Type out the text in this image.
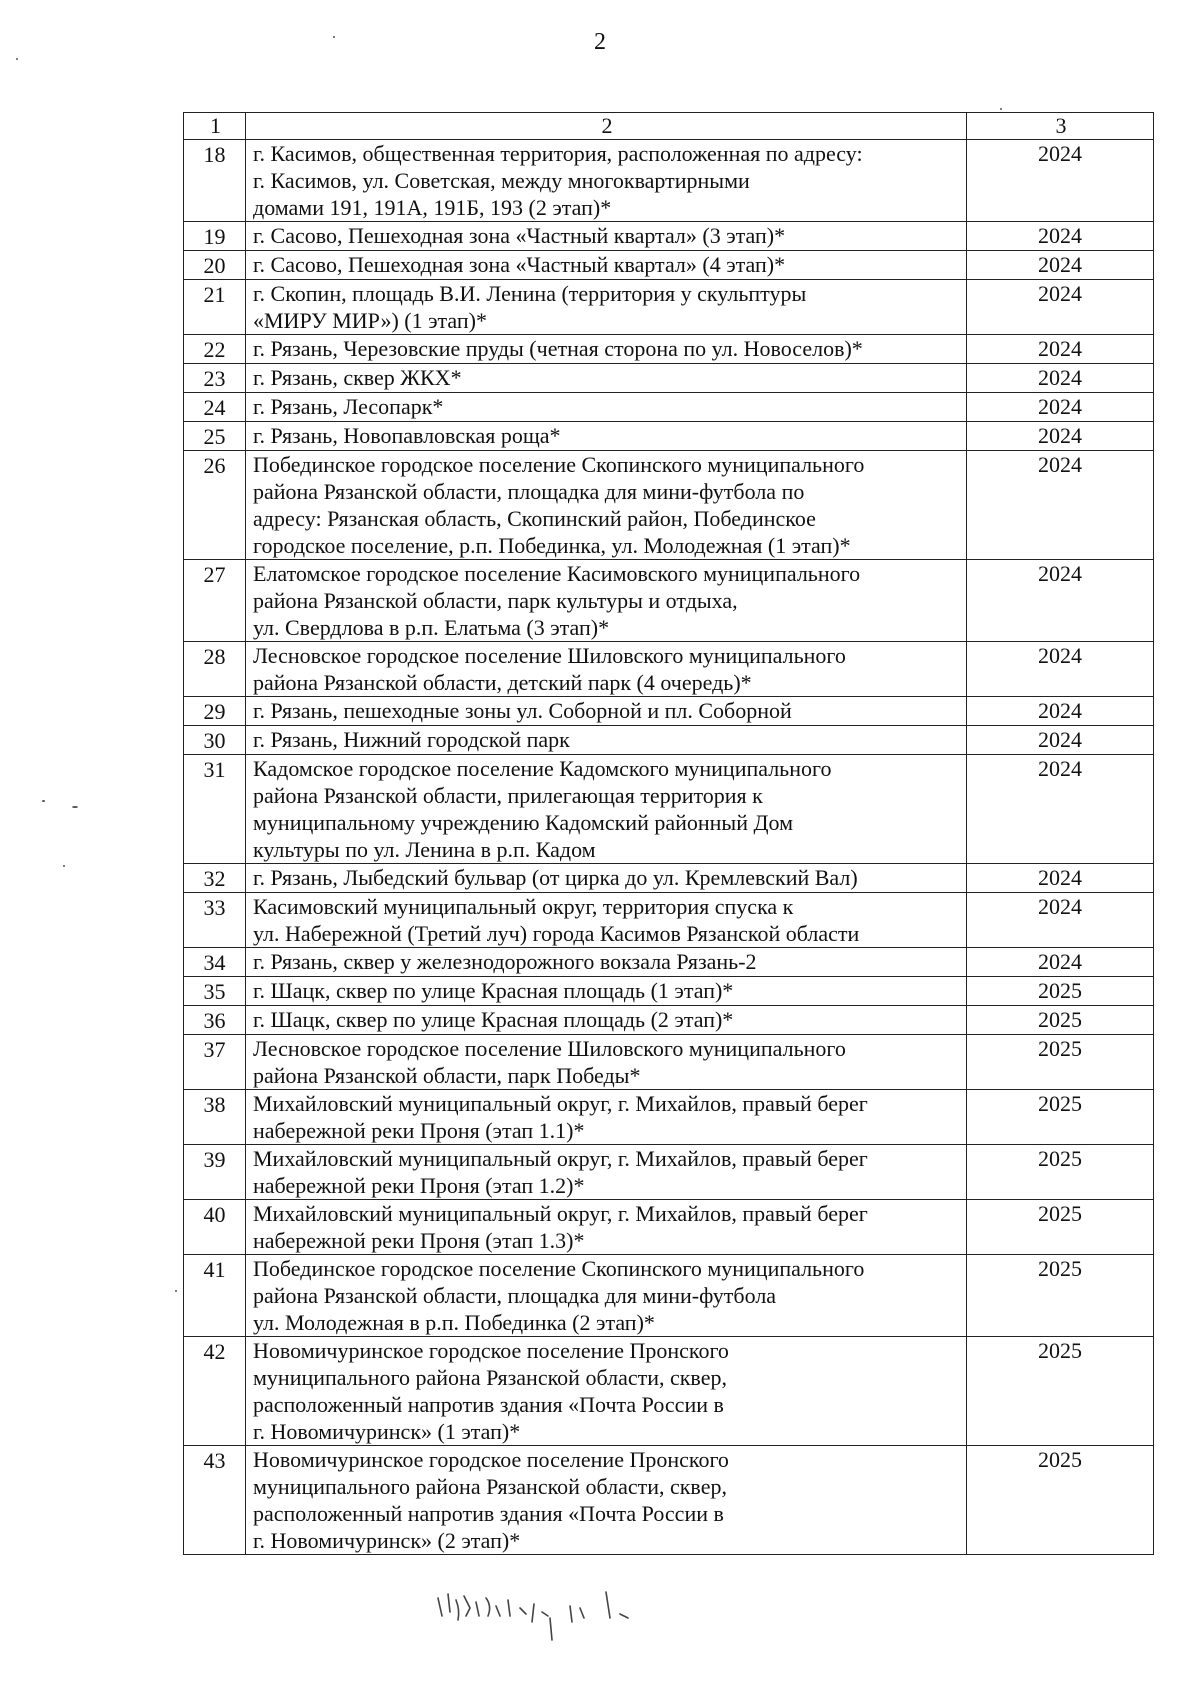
2
1	2	3
18	г. Касимов, общественная территория, расположенная по адресу:
г. Касимов, ул. Советская, между многоквартирными
домами 191, 191А, 191Б, 193 (2 этап)*	2024
19	г. Сасово, Пешеходная зона «Частный квартал» (3 этап)*	2024
20	г. Сасово, Пешеходная зона «Частный квартал» (4 этап)*	2024
21	г. Скопин, площадь В.И. Ленина (территория у скульптуры
«МИРУ МИР») (1 этап)*	2024
22	г. Рязань, Черезовские пруды (четная сторона по ул. Новоселов)*	2024
23	г. Рязань, сквер ЖКХ*	2024
24	г. Рязань, Лесопарк*	2024
25	г. Рязань, Новопавловская роща*	2024
26	Побединское городское поселение Скопинского муниципального
района Рязанской области, площадка для мини-футбола по
адресу: Рязанская область, Скопинский район, Побединское
городское поселение, р.п. Побединка, ул. Молодежная (1 этап)*	2024
27	Елатомское городское поселение Касимовского муниципального
района Рязанской области, парк культуры и отдыха,
ул. Свердлова в р.п. Елатьма (3 этап)*	2024
28	Лесновское городское поселение Шиловского муниципального
района Рязанской области, детский парк (4 очередь)*	2024
29	г. Рязань, пешеходные зоны ул. Соборной и пл. Соборной	2024
30	г. Рязань, Нижний городской парк	2024
31	Кадомское городское поселение Кадомского муниципального
района Рязанской области, прилегающая территория к
муниципальному учреждению Кадомский районный Дом
культуры по ул. Ленина в р.п. Кадом	2024
32	г. Рязань, Лыбедский бульвар (от цирка до ул. Кремлевский Вал)	2024
33	Касимовский муниципальный округ, территория спуска к
ул. Набережной (Третий луч) города Касимов Рязанской области	2024
34	г. Рязань, сквер у железнодорожного вокзала Рязань-2	2024
35	г. Шацк, сквер по улице Красная площадь (1 этап)*	2025
36	г. Шацк, сквер по улице Красная площадь (2 этап)*	2025
37	Лесновское городское поселение Шиловского муниципального
района Рязанской области, парк Победы*	2025
38	Михайловский муниципальный округ, г. Михайлов, правый берег
набережной реки Проня (этап 1.1)*	2025
39	Михайловский муниципальный округ, г. Михайлов, правый берег
набережной реки Проня (этап 1.2)*	2025
40	Михайловский муниципальный округ, г. Михайлов, правый берег
набережной реки Проня (этап 1.3)*	2025
41	Побединское городское поселение Скопинского муниципального
района Рязанской области, площадка для мини-футбола
ул. Молодежная в р.п. Побединка (2 этап)*	2025
42	Новомичуринское городское поселение Пронского
муниципального района Рязанской области, сквер,
расположенный напротив здания «Почта России в
г. Новомичуринск» (1 этап)*	2025
43	Новомичуринское городское поселение Пронского
муниципального района Рязанской области, сквер,
расположенный напротив здания «Почта России в
г. Новомичуринск» (2 этап)*	2025
